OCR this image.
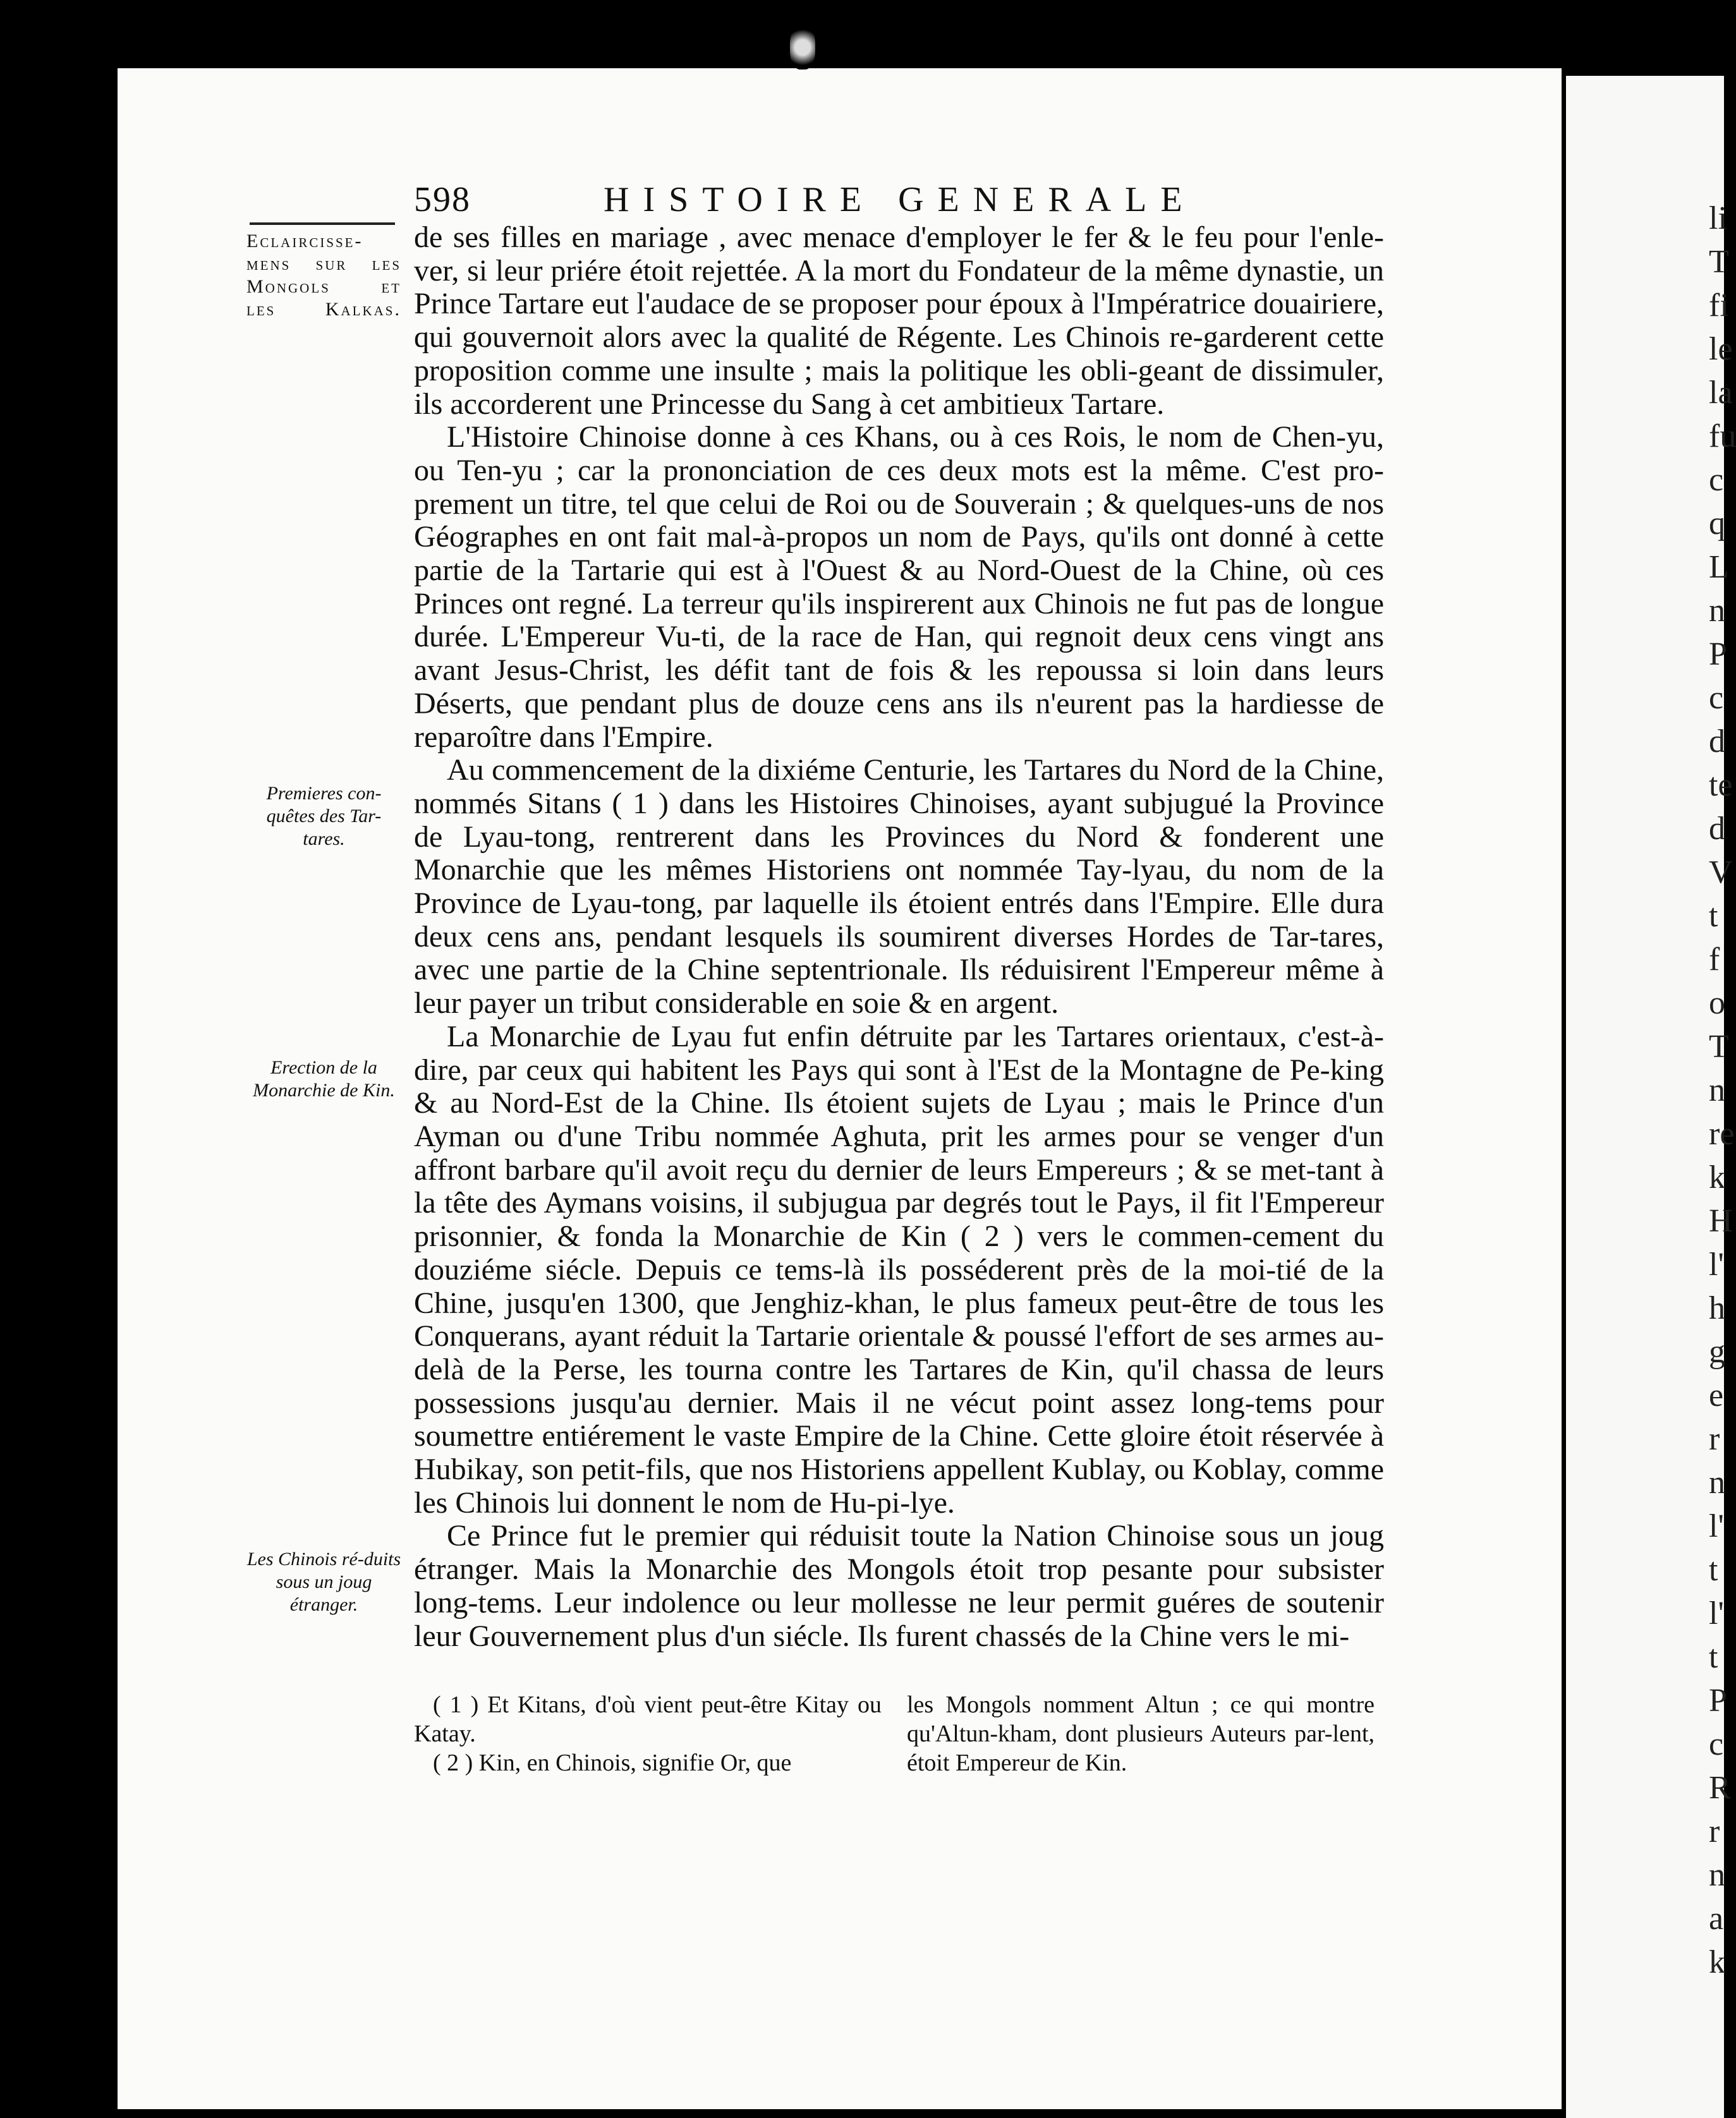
li
T
fi
le
la
fu
c
q
L
n
P
c
d
te
d
V
t
f
o
T
n
re
k
H
l'
h
g
e
r
n
l'
t
l'
t
P
c
R
r
n
a
k
598	HISTOIRE GENERALE
Eclaircisse-
mens sur les
Mongols et
les Kalkas.
Premieres con-quêtes des Tar-tares.
Erection de la Monarchie de Kin.
Les Chinois ré-duits sous un joug étranger.

de ses filles en mariage , avec menace d'employer le fer & le feu pour l'enle-ver, si leur priére étoit rejettée. A la mort du Fondateur de la même dynastie, un Prince Tartare eut l'audace de se proposer pour époux à l'Impératrice douairiere, qui gouvernoit alors avec la qualité de Régente. Les Chinois re-garderent cette proposition comme une insulte ; mais la politique les obli-geant de dissimuler, ils accorderent une Princesse du Sang à cet ambitieux Tartare.

L'Histoire Chinoise donne à ces Khans, ou à ces Rois, le nom de Chen-yu, ou Ten-yu ; car la prononciation de ces deux mots est la même. C'est pro-prement un titre, tel que celui de Roi ou de Souverain ; & quelques-uns de nos Géographes en ont fait mal-à-propos un nom de Pays, qu'ils ont donné à cette partie de la Tartarie qui est à l'Ouest & au Nord-Ouest de la Chine, où ces Princes ont regné. La terreur qu'ils inspirerent aux Chinois ne fut pas de longue durée. L'Empereur Vu-ti, de la race de Han, qui regnoit deux cens vingt ans avant Jesus-Christ, les défit tant de fois & les repoussa si loin dans leurs Déserts, que pendant plus de douze cens ans ils n'eurent pas la hardiesse de reparoître dans l'Empire.

Au commencement de la dixiéme Centurie, les Tartares du Nord de la Chine, nommés Sitans ( 1 ) dans les Histoires Chinoises, ayant subjugué la Province de Lyau-tong, rentrerent dans les Provinces du Nord & fonderent une Monarchie que les mêmes Historiens ont nommée Tay-lyau, du nom de la Province de Lyau-tong, par laquelle ils étoient entrés dans l'Empire. Elle dura deux cens ans, pendant lesquels ils soumirent diverses Hordes de Tar-tares, avec une partie de la Chine septentrionale. Ils réduisirent l'Empereur même à leur payer un tribut considerable en soie & en argent.

La Monarchie de Lyau fut enfin détruite par les Tartares orientaux, c'est-à-dire, par ceux qui habitent les Pays qui sont à l'Est de la Montagne de Pe-king & au Nord-Est de la Chine. Ils étoient sujets de Lyau ; mais le Prince d'un Ayman ou d'une Tribu nommée Aghuta, prit les armes pour se venger d'un affront barbare qu'il avoit reçu du dernier de leurs Empereurs ; & se met-tant à la tête des Aymans voisins, il subjugua par degrés tout le Pays, il fit l'Empereur prisonnier, & fonda la Monarchie de Kin ( 2 ) vers le commen-cement du douziéme siécle. Depuis ce tems-là ils posséderent près de la moi-tié de la Chine, jusqu'en 1300, que Jenghiz-khan, le plus fameux peut-être de tous les Conquerans, ayant réduit la Tartarie orientale & poussé l'effort de ses armes au-delà de la Perse, les tourna contre les Tartares de Kin, qu'il chassa de leurs possessions jusqu'au dernier. Mais il ne vécut point assez long-tems pour soumettre entiérement le vaste Empire de la Chine. Cette gloire étoit réservée à Hubikay, son petit-fils, que nos Historiens appellent Kublay, ou Koblay, comme les Chinois lui donnent le nom de Hu-pi-lye.

Ce Prince fut le premier qui réduisit toute la Nation Chinoise sous un joug étranger. Mais la Monarchie des Mongols étoit trop pesante pour subsister long-tems. Leur indolence ou leur mollesse ne leur permit guéres de soutenir leur Gouvernement plus d'un siécle. Ils furent chassés de la Chine vers le mi-

( 1 ) Et Kitans, d'où vient peut-être Kitay ou Katay.

( 2 ) Kin, en Chinois, signifie Or, que

les Mongols nomment Altun ; ce qui montre qu'Altun-kham, dont plusieurs Auteurs par-lent, étoit Empereur de Kin.
